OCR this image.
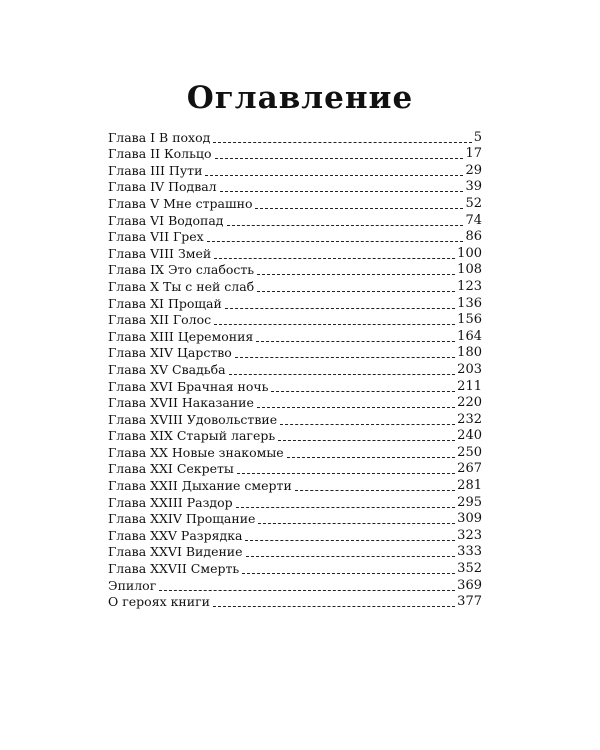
Оглавление
Глава I В поход	5
Глава II Кольцо	17
Глава III Пути	29
Глава IV Подвал	39
Глава V Мне страшно	52
Глава VI Водопад	74
Глава VII Грех	86
Глава VIII Змей	100
Глава IX Это слабость	108
Глава X Ты с ней слаб	123
Глава XI Прощай	136
Глава XII Голос	156
Глава XIII Церемония	164
Глава XIV Царство	180
Глава XV Свадьба	203
Глава XVI Брачная ночь	211
Глава XVII Наказание	220
Глава XVIII Удовольствие	232
Глава XIX Старый лагерь	240
Глава XX Новые знакомые	250
Глава XXI Секреты	267
Глава XXII Дыхание смерти	281
Глава XXIII Раздор	295
Глава XXIV Прощание	309
Глава XXV Разрядка	323
Глава XXVI Видение	333
Глава XXVII Смерть	352
Эпилог	369
О героях книги	377
